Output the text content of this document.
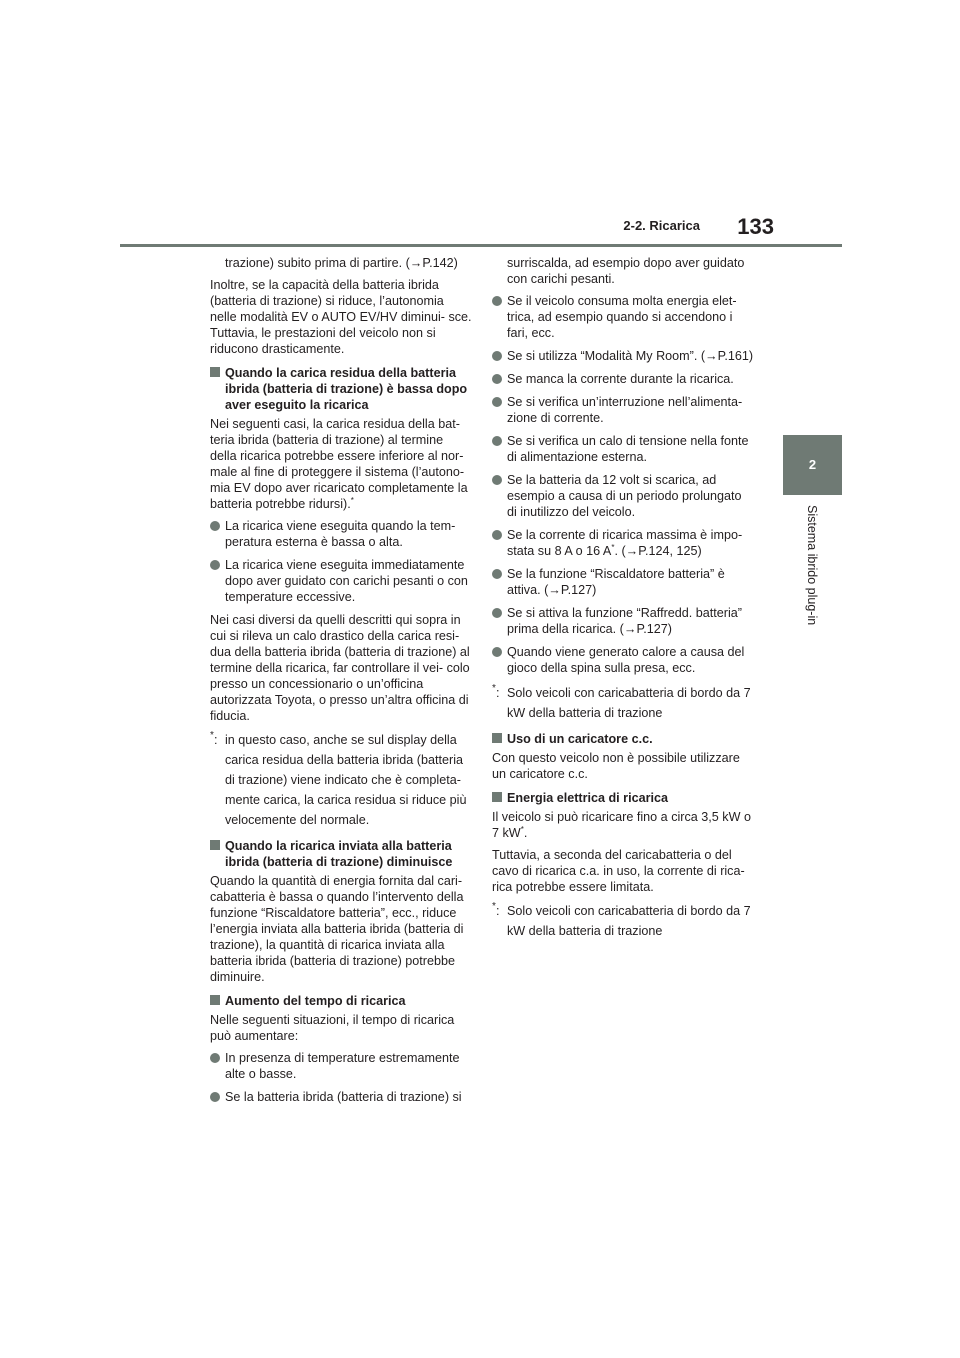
2-2. Ricarica	133
2
Sistema ibrido plug-in

trazione) subito prima di partire. (→P.142)

Inoltre, se la capacità della batteria ibrida (batteria di trazione) si riduce, l’autonomia nelle modalità EV o AUTO EV/HV diminui- sce. Tuttavia, le prestazioni del veicolo non si riducono drasticamente.

Quando la carica residua della batteria ibrida (batteria di trazione) è bassa dopo aver eseguito la ricarica

Nei seguenti casi, la carica residua della bat- teria ibrida (batteria di trazione) al termine della ricarica potrebbe essere inferiore al nor- male al fine di proteggere il sistema (l’autono- mia EV dopo aver ricaricato completamente la batteria potrebbe ridursi).*

La ricarica viene eseguita quando la tem- peratura esterna è bassa o alta.
La ricarica viene eseguita immediatamente dopo aver guidato con carichi pesanti o con temperature eccessive.

Nei casi diversi da quelli descritti qui sopra in cui si rileva un calo drastico della carica resi- dua della batteria ibrida (batteria di trazione) al termine della ricarica, far controllare il vei- colo presso un concessionario o un’officina autorizzata Toyota, o presso un’altra officina di fiducia.

* : in questo caso, anche se sul display della carica residua della batteria ibrida (batteria di trazione) viene indicato che è completa- mente carica, la carica residua si riduce più velocemente del normale.
Quando la ricarica inviata alla batteria ibrida (batteria di trazione) diminuisce

Quando la quantità di energia fornita dal cari- cabatteria è bassa o quando l’intervento della funzione “Riscaldatore batteria”, ecc., riduce l’energia inviata alla batteria ibrida (batteria di trazione), la quantità di ricarica inviata alla batteria ibrida (batteria di trazione) potrebbe diminuire.

Aumento del tempo di ricarica

Nelle seguenti situazioni, il tempo di ricarica può aumentare:

In presenza di temperature estremamente alte o basse.
Se la batteria ibrida (batteria di trazione) si

surriscalda, ad esempio dopo aver guidato con carichi pesanti.

Se il veicolo consuma molta energia elet- trica, ad esempio quando si accendono i fari, ecc.
Se si utilizza “Modalità My Room”. (→P.161)
Se manca la corrente durante la ricarica.
Se si verifica un’interruzione nell’alimenta- zione di corrente.
Se si verifica un calo di tensione nella fonte di alimentazione esterna.
Se la batteria da 12 volt si scarica, ad esempio a causa di un periodo prolungato di inutilizzo del veicolo.
Se la corrente di ricarica massima è impo- stata su 8 A o 16 A*. (→P.124, 125)
Se la funzione “Riscaldatore batteria” è attiva. (→P.127)
Se si attiva la funzione “Raffredd. batteria” prima della ricarica. (→P.127)
Quando viene generato calore a causa del gioco della spina sulla presa, ecc.
* : Solo veicoli con caricabatteria di bordo da 7 kW della batteria di trazione
Uso di un caricatore c.c.

Con questo veicolo non è possibile utilizzare un caricatore c.c.

Energia elettrica di ricarica

Il veicolo si può ricaricare fino a circa 3,5 kW o 7 kW*.

Tuttavia, a seconda del caricabatteria o del cavo di ricarica c.a. in uso, la corrente di rica- rica potrebbe essere limitata.

* : Solo veicoli con caricabatteria di bordo da 7 kW della batteria di trazione
